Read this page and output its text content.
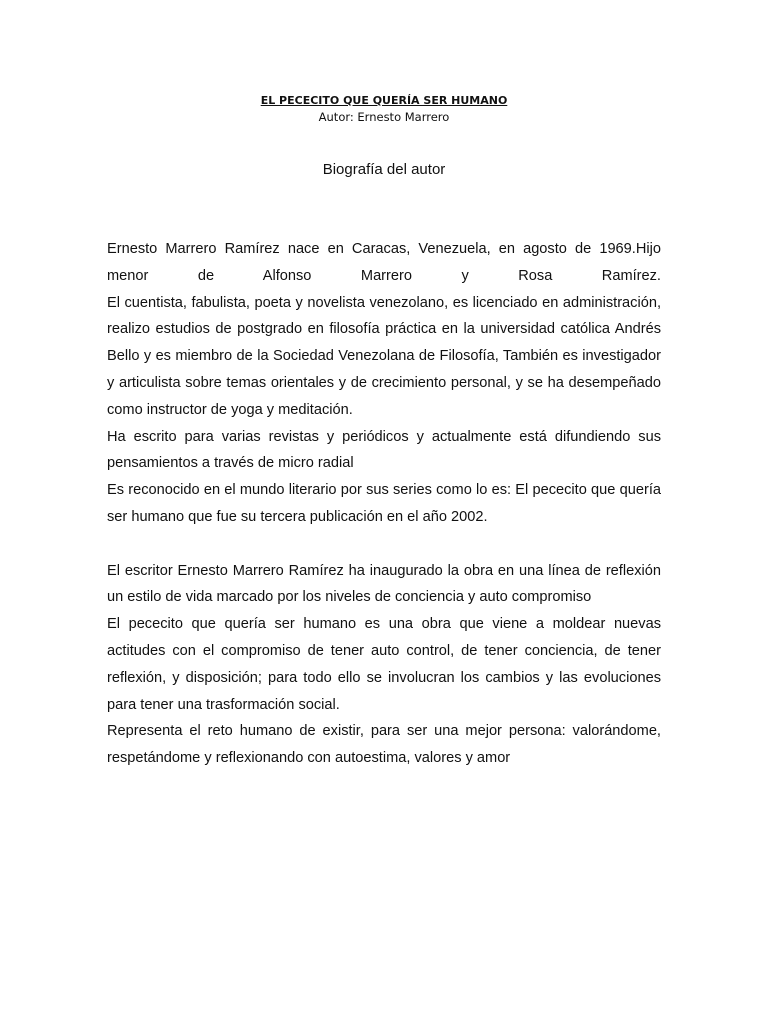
EL PECECITO QUE QUERÍA SER HUMANO
Autor: Ernesto Marrero
Biografía del autor

Ernesto Marrero Ramírez nace en Caracas, Venezuela, en agosto de 1969.Hijo menor de Alfonso Marrero y Rosa Ramírez.

El cuentista, fabulista, poeta y novelista venezolano, es licenciado en administración, realizo estudios de postgrado en filosofía práctica en la universidad católica Andrés Bello y es miembro de la Sociedad Venezolana de Filosofía, También es investigador y articulista sobre temas orientales y de crecimiento personal, y se ha desempeñado como instructor de yoga y meditación.

Ha escrito para varias revistas y periódicos y actualmente está difundiendo sus pensamientos a través de micro radial

Es reconocido en el mundo literario por sus series como lo es: El pececito que quería ser humano que fue su tercera publicación en el año 2002.

El escritor Ernesto Marrero Ramírez ha inaugurado la obra en una línea de reflexión un estilo de vida marcado por los niveles de conciencia y auto compromiso

El pececito que quería ser humano es una obra que viene a moldear nuevas actitudes con el compromiso de tener auto control, de tener conciencia, de tener reflexión, y disposición; para todo ello se involucran los cambios y las evoluciones para tener una trasformación social.

Representa el reto humano de existir, para ser una mejor persona: valorándome, respetándome y reflexionando con autoestima, valores y amor
